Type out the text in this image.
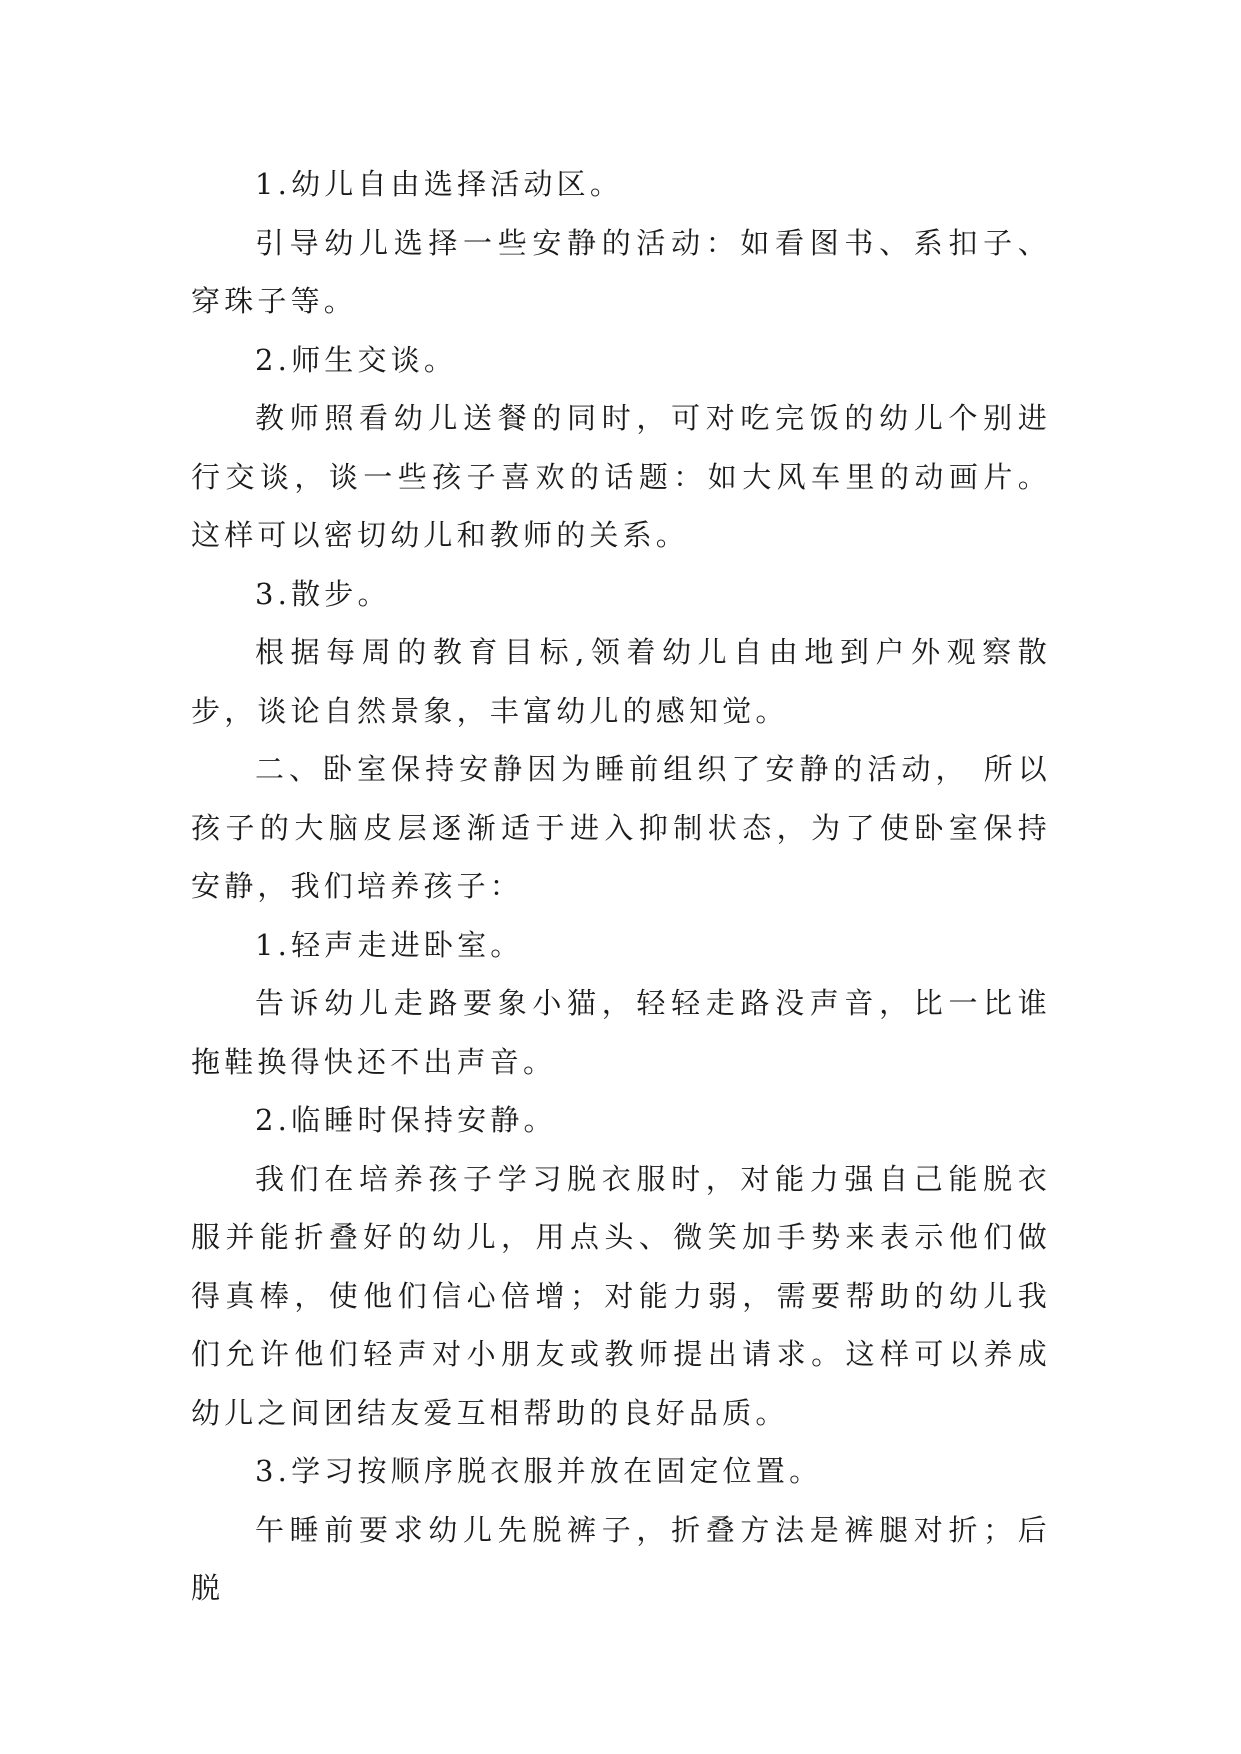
1.幼儿自由选择活动区。

引导幼儿选择一些安静的活动：如看图书、系扣子、穿珠子等。

2.师生交谈。

教师照看幼儿送餐的同时，可对吃完饭的幼儿个别进行交谈，谈一些孩子喜欢的话题：如大风车里的动画片。这样可以密切幼儿和教师的关系。

3.散步。

根据每周的教育目标,领着幼儿自由地到户外观察散步，谈论自然景象，丰富幼儿的感知觉。

二、卧室保持安静因为睡前组织了安静的活动， 所以孩子的大脑皮层逐渐适于进入抑制状态，为了使卧室保持安静，我们培养孩子：

1.轻声走进卧室。

告诉幼儿走路要象小猫，轻轻走路没声音，比一比谁拖鞋换得快还不出声音。

2.临睡时保持安静。

我们在培养孩子学习脱衣服时，对能力强自己能脱衣服并能折叠好的幼儿，用点头、微笑加手势来表示他们做得真棒，使他们信心倍增；对能力弱，需要帮助的幼儿我们允许他们轻声对小朋友或教师提出请求。这样可以养成幼儿之间团结友爱互相帮助的良好品质。

3.学习按顺序脱衣服并放在固定位置。

午睡前要求幼儿先脱裤子，折叠方法是裤腿对折；后脱
